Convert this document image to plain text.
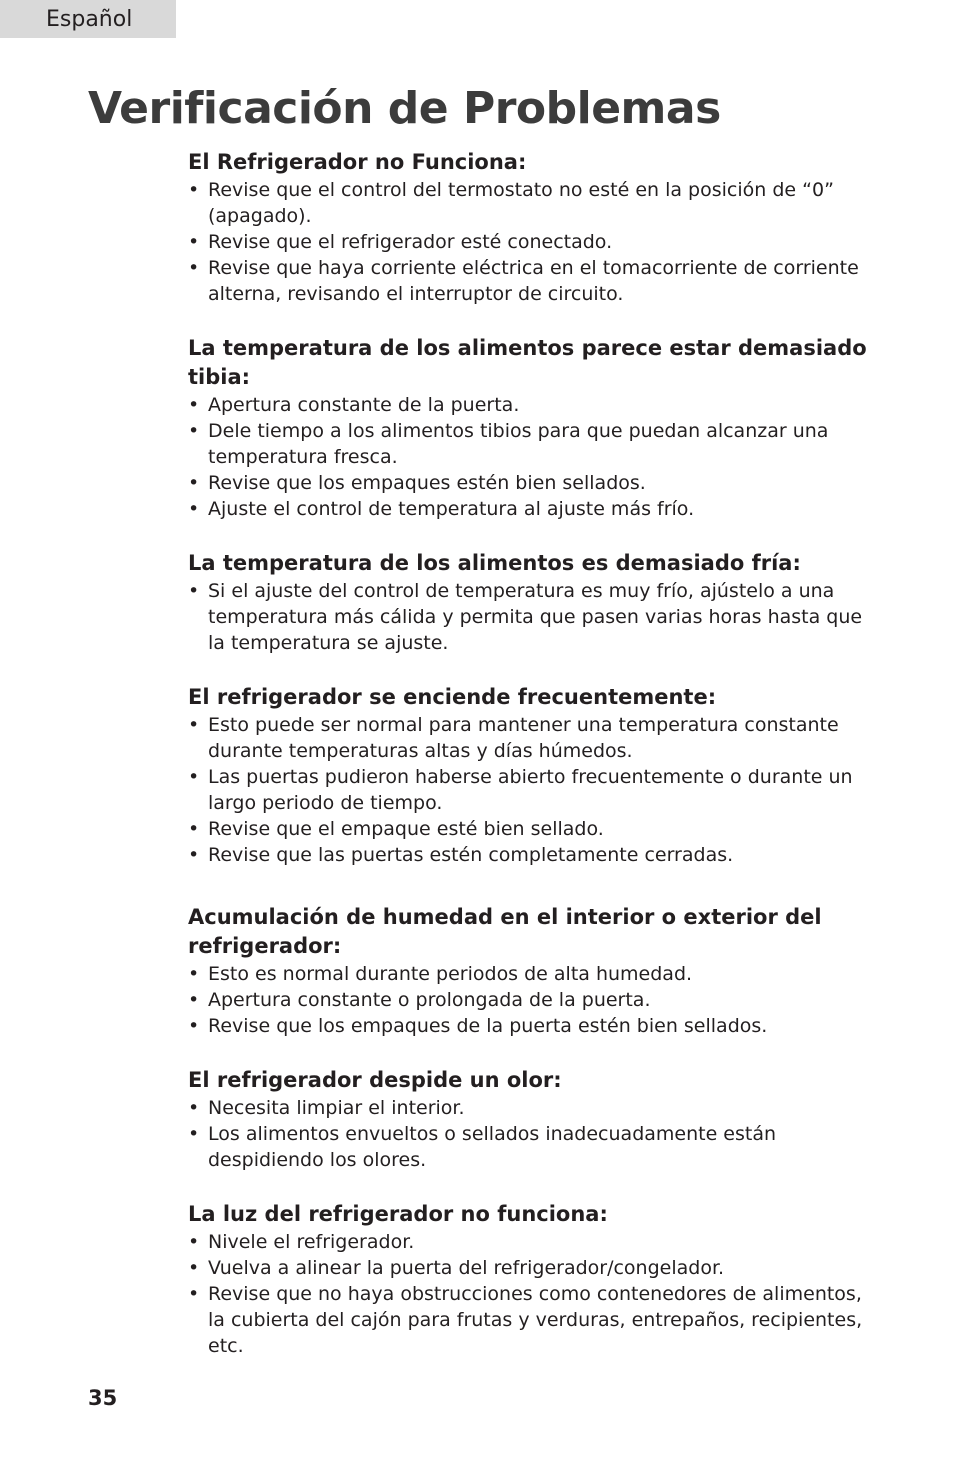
Español
Verificación de Problemas
El Refrigerador no Funciona:
• Revise que el control del termostato no esté en la posición de “0” (apagado).
• Revise que el refrigerador esté conectado.
• Revise que haya corriente eléctrica en el tomacorriente de corriente alterna, revisando el interruptor de circuito.
La temperatura de los alimentos parece estar demasiado tibia:
• Apertura constante de la puerta.
• Dele tiempo a los alimentos tibios para que puedan alcanzar una temperatura fresca.
• Revise que los empaques estén bien sellados.
• Ajuste el control de temperatura al ajuste más frío.
La temperatura de los alimentos es demasiado fría:
• Si el ajuste del control de temperatura es muy frío, ajústelo a una temperatura más cálida y permita que pasen varias horas hasta que la temperatura se ajuste.
El refrigerador se enciende frecuentemente:
• Esto puede ser normal para mantener una temperatura constante durante temperaturas altas y días húmedos.
• Las puertas pudieron haberse abierto frecuentemente o durante un largo periodo de tiempo.
• Revise que el empaque esté bien sellado.
• Revise que las puertas estén completamente cerradas.
Acumulación de humedad en el interior o exterior del refrigerador:
• Esto es normal durante periodos de alta humedad.
• Apertura constante o prolongada de la puerta.
• Revise que los empaques de la puerta estén bien sellados.
El refrigerador despide un olor:
• Necesita limpiar el interior.
• Los alimentos envueltos o sellados inadecuadamente están despidiendo los olores.
La luz del refrigerador no funciona:
• Nivele el refrigerador.
• Vuelva a alinear la puerta del refrigerador/congelador.
• Revise que no haya obstrucciones como contenedores de alimentos, la cubierta del cajón para frutas y verduras, entrepaños, recipientes, etc.
35
